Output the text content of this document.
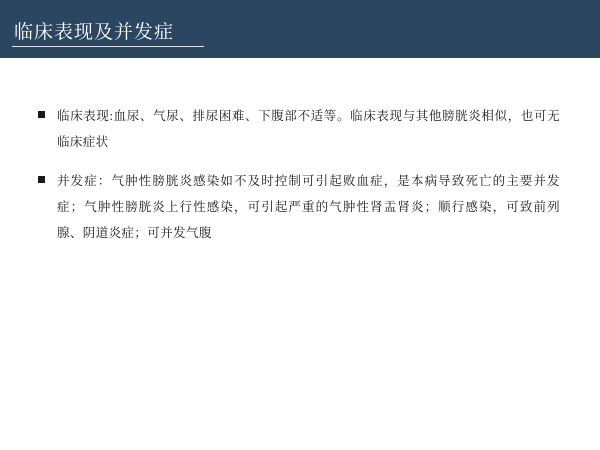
临床表现及并发症
临床表现:血尿、气尿、排尿困难、下腹部不适等。临床表现与其他膀胱炎相似，也可无临床症状
并发症：气肿性膀胱炎感染如不及时控制可引起败血症，是本病导致死亡的主要并发症；气肿性膀胱炎上行性感染，可引起严重的气肿性肾盂肾炎；顺行感染，可致前列腺、阴道炎症；可并发气腹
